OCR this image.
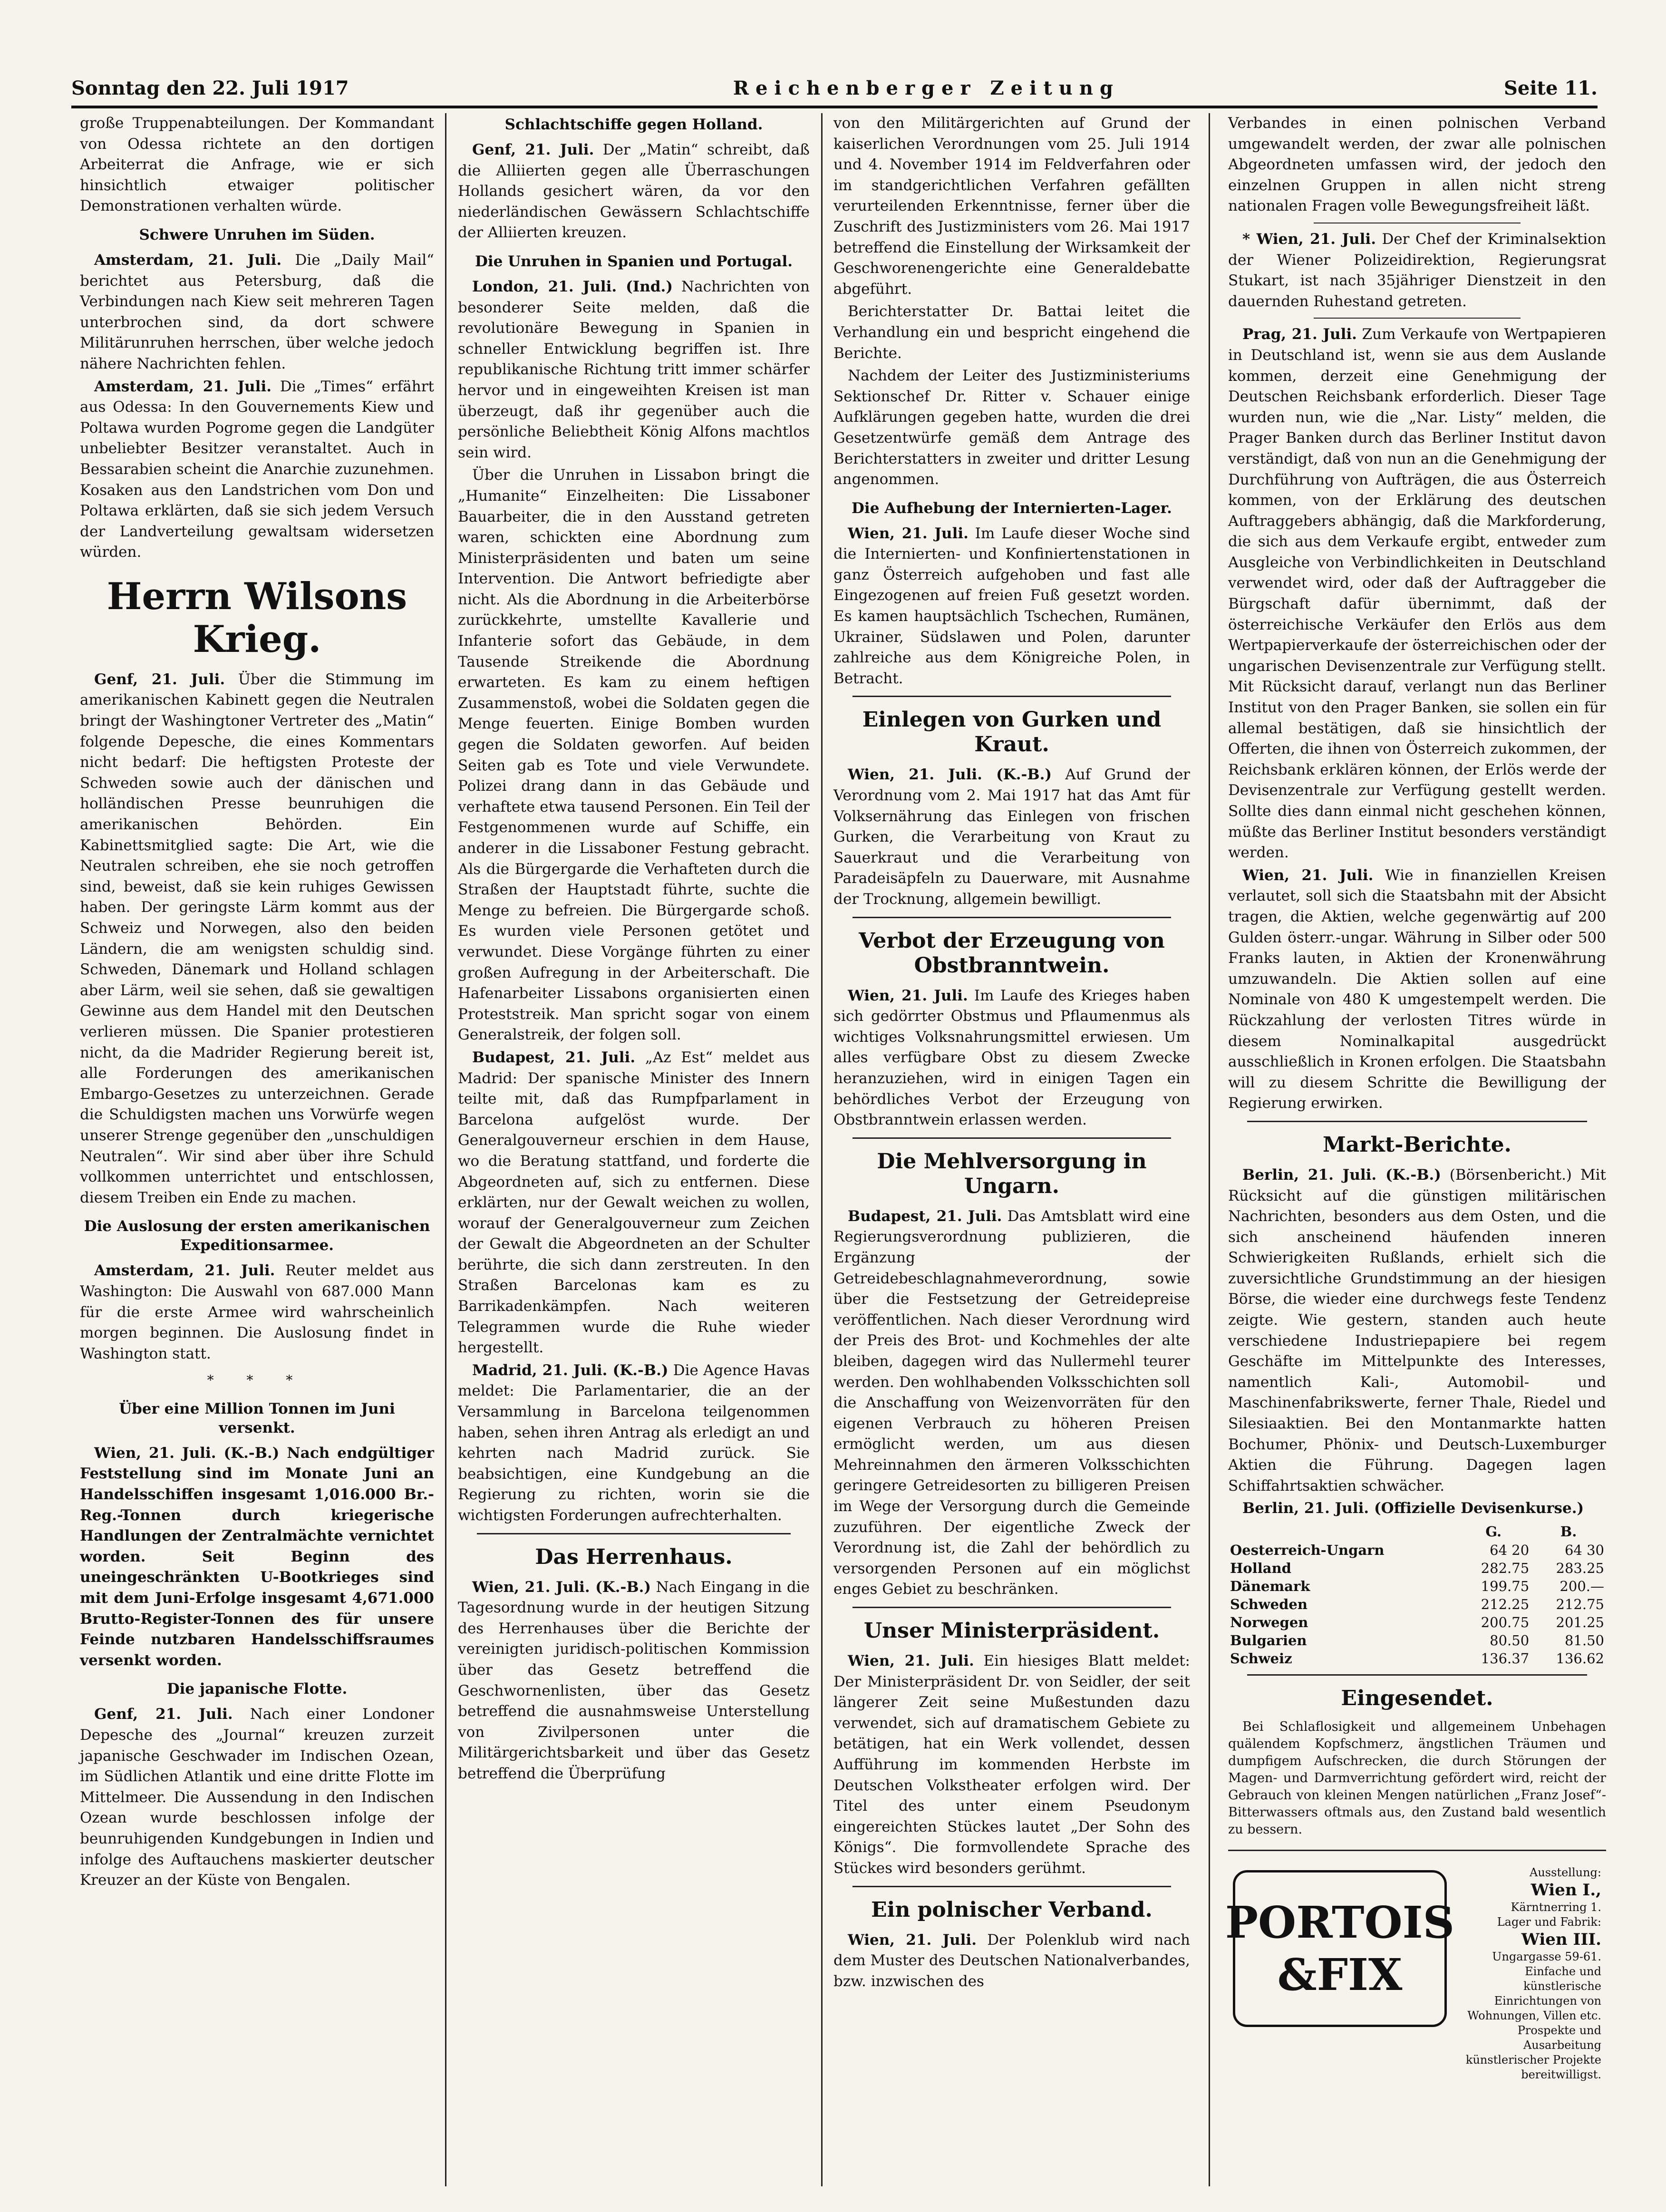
Sonntag den 22. Juli 1917	Reichenberger Zeitung	Seite 11.

große Truppenabteilungen. Der Kommandant von Odessa richtete an den dortigen Arbeiterrat die Anfrage, wie er sich hinsichtlich etwaiger politischer Demonstrationen verhalten würde.

Schwere Unruhen im Süden.

Amsterdam, 21. Juli. Die „Daily Mail“ berichtet aus Petersburg, daß die Verbindungen nach Kiew seit mehreren Tagen unterbrochen sind, da dort schwere Militärunruhen herrschen, über welche jedoch nähere Nachrichten fehlen.

Amsterdam, 21. Juli. Die „Times“ erfährt aus Odessa: In den Gouvernements Kiew und Poltawa wurden Pogrome gegen die Landgüter unbeliebter Besitzer veranstaltet. Auch in Bessarabien scheint die Anarchie zuzunehmen. Kosaken aus den Landstrichen vom Don und Poltawa erklärten, daß sie sich jedem Versuch der Landverteilung gewaltsam widersetzen würden.

Herrn Wilsons Krieg.

Genf, 21. Juli. Über die Stimmung im amerikanischen Kabinett gegen die Neutralen bringt der Washingtoner Vertreter des „Matin“ folgende Depesche, die eines Kommentars nicht bedarf: Die heftigsten Proteste der Schweden sowie auch der dänischen und holländischen Presse beunruhigen die amerikanischen Behörden. Ein Kabinettsmitglied sagte: Die Art, wie die Neutralen schreiben, ehe sie noch getroffen sind, beweist, daß sie kein ruhiges Gewissen haben. Der geringste Lärm kommt aus der Schweiz und Norwegen, also den beiden Ländern, die am wenigsten schuldig sind. Schweden, Dänemark und Holland schlagen aber Lärm, weil sie sehen, daß sie gewaltigen Gewinne aus dem Handel mit den Deutschen verlieren müssen. Die Spanier protestieren nicht, da die Madrider Regierung bereit ist, alle Forderungen des amerikanischen Embargo-Gesetzes zu unterzeichnen. Gerade die Schuldigsten machen uns Vorwürfe wegen unserer Strenge gegenüber den „unschuldigen Neutralen“. Wir sind aber über ihre Schuld vollkommen unterrichtet und entschlossen, diesem Treiben ein Ende zu machen.

Die Auslosung der ersten amerikanischen Expeditionsarmee.

Amsterdam, 21. Juli. Reuter meldet aus Washington: Die Auswahl von 687.000 Mann für die erste Armee wird wahrscheinlich morgen beginnen. Die Auslosung findet in Washington statt.

* * *
Über eine Million Tonnen im Juni versenkt.

Wien, 21. Juli. (K.-B.) Nach endgültiger Feststellung sind im Monate Juni an Handelsschiffen insgesamt 1,016.000 Br.-Reg.-Tonnen durch kriegerische Handlungen der Zentralmächte vernichtet worden. Seit Beginn des uneingeschränkten U-Bootkrieges sind mit dem Juni-Erfolge insgesamt 4,671.000 Brutto-Register-Tonnen des für unsere Feinde nutzbaren Handelsschiffsraumes versenkt worden.

Die japanische Flotte.

Genf, 21. Juli. Nach einer Londoner Depesche des „Journal“ kreuzen zurzeit japanische Geschwader im Indischen Ozean, im Südlichen Atlantik und eine dritte Flotte im Mittelmeer. Die Aussendung in den Indischen Ozean wurde beschlossen infolge der beunruhigenden Kundgebungen in Indien und infolge des Auftauchens maskierter deutscher Kreuzer an der Küste von Bengalen.

Schlachtschiffe gegen Holland.

Genf, 21. Juli. Der „Matin“ schreibt, daß die Alliierten gegen alle Überraschungen Hollands gesichert wären, da vor den niederländischen Gewässern Schlachtschiffe der Alliierten kreuzen.

Die Unruhen in Spanien und Portugal.

London, 21. Juli. (Ind.) Nachrichten von besonderer Seite melden, daß die revolutionäre Bewegung in Spanien in schneller Entwicklung begriffen ist. Ihre republikanische Richtung tritt immer schärfer hervor und in eingeweihten Kreisen ist man überzeugt, daß ihr gegenüber auch die persönliche Beliebtheit König Alfons machtlos sein wird.

Über die Unruhen in Lissabon bringt die „Humanite“ Einzelheiten: Die Lissaboner Bauarbeiter, die in den Ausstand getreten waren, schickten eine Abordnung zum Ministerpräsidenten und baten um seine Intervention. Die Antwort befriedigte aber nicht. Als die Abordnung in die Arbeiterbörse zurückkehrte, umstellte Kavallerie und Infanterie sofort das Gebäude, in dem Tausende Streikende die Abordnung erwarteten. Es kam zu einem heftigen Zusammenstoß, wobei die Soldaten gegen die Menge feuerten. Einige Bomben wurden gegen die Soldaten geworfen. Auf beiden Seiten gab es Tote und viele Verwundete. Polizei drang dann in das Gebäude und verhaftete etwa tausend Personen. Ein Teil der Festgenommenen wurde auf Schiffe, ein anderer in die Lissaboner Festung gebracht. Als die Bürgergarde die Verhafteten durch die Straßen der Hauptstadt führte, suchte die Menge zu befreien. Die Bürgergarde schoß. Es wurden viele Personen getötet und verwundet. Diese Vorgänge führten zu einer großen Aufregung in der Arbeiterschaft. Die Hafenarbeiter Lissabons organisierten einen Proteststreik. Man spricht sogar von einem Generalstreik, der folgen soll.

Budapest, 21. Juli. „Az Est“ meldet aus Madrid: Der spanische Minister des Innern teilte mit, daß das Rumpfparlament in Barcelona aufgelöst wurde. Der Generalgouverneur erschien in dem Hause, wo die Beratung stattfand, und forderte die Abgeordneten auf, sich zu entfernen. Diese erklärten, nur der Gewalt weichen zu wollen, worauf der Generalgouverneur zum Zeichen der Gewalt die Abgeordneten an der Schulter berührte, die sich dann zerstreuten. In den Straßen Barcelonas kam es zu Barrikadenkämpfen. Nach weiteren Telegrammen wurde die Ruhe wieder hergestellt.

Madrid, 21. Juli. (K.-B.) Die Agence Havas meldet: Die Parlamentarier, die an der Versammlung in Barcelona teilgenommen haben, sehen ihren Antrag als erledigt an und kehrten nach Madrid zurück. Sie beabsichtigen, eine Kundgebung an die Regierung zu richten, worin sie die wichtigsten Forderungen aufrechterhalten.

Das Herrenhaus.

Wien, 21. Juli. (K.-B.) Nach Eingang in die Tagesordnung wurde in der heutigen Sitzung des Herrenhauses über die Berichte der vereinigten juridisch-politischen Kommission über das Gesetz betreffend die Geschwornenlisten, über das Gesetz betreffend die ausnahmsweise Unterstellung von Zivilpersonen unter die Militärgerichtsbarkeit und über das Gesetz betreffend die Überprüfung

von den Militärgerichten auf Grund der kaiserlichen Verordnungen vom 25. Juli 1914 und 4. November 1914 im Feldverfahren oder im standgerichtlichen Verfahren gefällten verurteilenden Erkenntnisse, ferner über die Zuschrift des Justizministers vom 26. Mai 1917 betreffend die Einstellung der Wirksamkeit der Geschworenengerichte eine Generaldebatte abgeführt.

Berichterstatter Dr. Battai leitet die Verhandlung ein und bespricht eingehend die Berichte.

Nachdem der Leiter des Justizministeriums Sektionschef Dr. Ritter v. Schauer einige Aufklärungen gegeben hatte, wurden die drei Gesetzentwürfe gemäß dem Antrage des Berichterstatters in zweiter und dritter Lesung angenommen.

Die Aufhebung der Internierten-Lager.

Wien, 21. Juli. Im Laufe dieser Woche sind die Internierten- und Konfiniertenstationen in ganz Österreich aufgehoben und fast alle Eingezogenen auf freien Fuß gesetzt worden. Es kamen hauptsächlich Tschechen, Rumänen, Ukrainer, Südslawen und Polen, darunter zahlreiche aus dem Königreiche Polen, in Betracht.

Einlegen von Gurken und Kraut.

Wien, 21. Juli. (K.-B.) Auf Grund der Verordnung vom 2. Mai 1917 hat das Amt für Volksernährung das Einlegen von frischen Gurken, die Verarbeitung von Kraut zu Sauerkraut und die Verarbeitung von Paradeisäpfeln zu Dauerware, mit Ausnahme der Trocknung, allgemein bewilligt.

Verbot der Erzeugung von Obstbranntwein.

Wien, 21. Juli. Im Laufe des Krieges haben sich gedörrter Obstmus und Pflaumenmus als wichtiges Volksnahrungsmittel erwiesen. Um alles verfügbare Obst zu diesem Zwecke heranzuziehen, wird in einigen Tagen ein behördliches Verbot der Erzeugung von Obstbranntwein erlassen werden.

Die Mehlversorgung in Ungarn.

Budapest, 21. Juli. Das Amtsblatt wird eine Regierungsverordnung publizieren, die Ergänzung der Getreidebeschlagnahmeverordnung, sowie über die Festsetzung der Getreidepreise veröffentlichen. Nach dieser Verordnung wird der Preis des Brot- und Kochmehles der alte bleiben, dagegen wird das Nullermehl teurer werden. Den wohlhabenden Volksschichten soll die Anschaffung von Weizenvorräten für den eigenen Verbrauch zu höheren Preisen ermöglicht werden, um aus diesen Mehreinnahmen den ärmeren Volksschichten geringere Getreidesorten zu billigeren Preisen im Wege der Versorgung durch die Gemeinde zuzuführen. Der eigentliche Zweck der Verordnung ist, die Zahl der behördlich zu versorgenden Personen auf ein möglichst enges Gebiet zu beschränken.

Unser Ministerpräsident.

Wien, 21. Juli. Ein hiesiges Blatt meldet: Der Ministerpräsident Dr. von Seidler, der seit längerer Zeit seine Mußestunden dazu verwendet, sich auf dramatischem Gebiete zu betätigen, hat ein Werk vollendet, dessen Aufführung im kommenden Herbste im Deutschen Volkstheater erfolgen wird. Der Titel des unter einem Pseudonym eingereichten Stückes lautet „Der Sohn des Königs“. Die formvollendete Sprache des Stückes wird besonders gerühmt.

Ein polnischer Verband.

Wien, 21. Juli. Der Polenklub wird nach dem Muster des Deutschen Nationalverbandes, bzw. inzwischen des

Verbandes in einen polnischen Verband umgewandelt werden, der zwar alle polnischen Abgeordneten umfassen wird, der jedoch den einzelnen Gruppen in allen nicht streng nationalen Fragen volle Bewegungsfreiheit läßt.

* Wien, 21. Juli. Der Chef der Kriminalsektion der Wiener Polizeidirektion, Regierungsrat Stukart, ist nach 35jähriger Dienstzeit in den dauernden Ruhestand getreten.

Prag, 21. Juli. Zum Verkaufe von Wertpapieren in Deutschland ist, wenn sie aus dem Auslande kommen, derzeit eine Genehmigung der Deutschen Reichsbank erforderlich. Dieser Tage wurden nun, wie die „Nar. Listy“ melden, die Prager Banken durch das Berliner Institut davon verständigt, daß von nun an die Genehmigung der Durchführung von Aufträgen, die aus Österreich kommen, von der Erklärung des deutschen Auftraggebers abhängig, daß die Markforderung, die sich aus dem Verkaufe ergibt, entweder zum Ausgleiche von Verbindlichkeiten in Deutschland verwendet wird, oder daß der Auftraggeber die Bürgschaft dafür übernimmt, daß der österreichische Verkäufer den Erlös aus dem Wertpapierverkaufe der österreichischen oder der ungarischen Devisenzentrale zur Verfügung stellt. Mit Rücksicht darauf, verlangt nun das Berliner Institut von den Prager Banken, sie sollen ein für allemal bestätigen, daß sie hinsichtlich der Offerten, die ihnen von Österreich zukommen, der Reichsbank erklären können, der Erlös werde der Devisenzentrale zur Verfügung gestellt werden. Sollte dies dann einmal nicht geschehen können, müßte das Berliner Institut besonders verständigt werden.

Wien, 21. Juli. Wie in finanziellen Kreisen verlautet, soll sich die Staatsbahn mit der Absicht tragen, die Aktien, welche gegenwärtig auf 200 Gulden österr.-ungar. Währung in Silber oder 500 Franks lauten, in Aktien der Kronenwährung umzuwandeln. Die Aktien sollen auf eine Nominale von 480 K umgestempelt werden. Die Rückzahlung der verlosten Titres würde in diesem Nominalkapital ausgedrückt ausschließlich in Kronen erfolgen. Die Staatsbahn will zu diesem Schritte die Bewilligung der Regierung erwirken.

Markt-Berichte.

Berlin, 21. Juli. (K.-B.) (Börsenbericht.) Mit Rücksicht auf die günstigen militärischen Nachrichten, besonders aus dem Osten, und die sich anscheinend häufenden inneren Schwierigkeiten Rußlands, erhielt sich die zuversichtliche Grundstimmung an der hiesigen Börse, die wieder eine durchwegs feste Tendenz zeigte. Wie gestern, standen auch heute verschiedene Industriepapiere bei regem Geschäfte im Mittelpunkte des Interesses, namentlich Kali-, Automobil- und Maschinenfabrikswerte, ferner Thale, Riedel und Silesiaaktien. Bei den Montanmarkte hatten Bochumer, Phönix- und Deutsch-Luxemburger Aktien die Führung. Dagegen lagen Schiffahrtsaktien schwächer.

Berlin, 21. Juli. (Offizielle Devisenkurse.)

	G.	B.
Oesterreich-Ungarn	64 20	64 30
Holland	282.75	283.25
Dänemark	199.75	200.—
Schweden	212.25	212.75
Norwegen	200.75	201.25
Bulgarien	80.50	81.50
Schweiz	136.37	136.62
Eingesendet.

Bei Schlaflosigkeit und allgemeinem Unbehagen quälendem Kopfschmerz, ängstlichen Träumen und dumpfigem Aufschrecken, die durch Störungen der Magen- und Darmverrichtung gefördert wird, reicht der Gebrauch von kleinen Mengen natürlichen „Franz Josef“-Bitterwassers oftmals aus, den Zustand bald wesentlich zu bessern.

PORTOIS
&FIX
Ausstellung:
Wien I.,
Kärntnerring 1.
Lager und Fabrik:
Wien III.
Ungargasse 59-61.
Einfache und künstlerische Einrichtungen von Wohnungen, Villen etc.
Prospekte und Ausarbeitung künstlerischer Projekte bereitwilligst.
